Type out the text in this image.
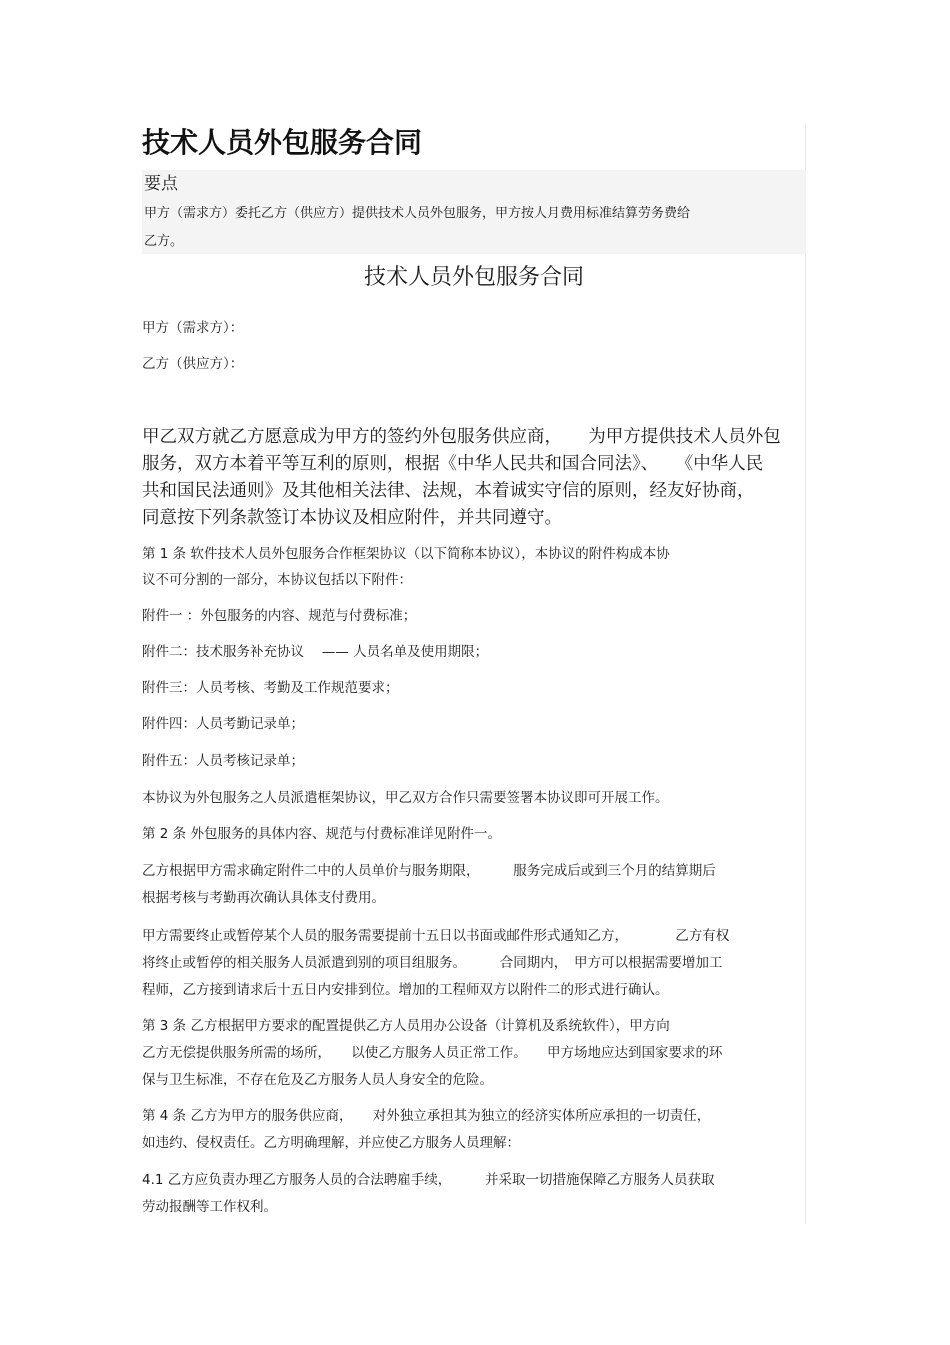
技术人员外包服务合同
要点
甲方（需求方）委托乙方（供应方）提供技术人员外包服务，甲方按人月费用标准结算劳务费给
乙方。
技术人员外包服务合同

甲方（需求方）：

乙方（供应方）：

甲乙双方就乙方愿意成为甲方的签约外包服务供应商，　　为甲方提供技术人员外包

服务，双方本着平等互利的原则，根据《中华人民共和国合同法》、　　《中华人民

共和国民法通则》及其他相关法律、法规，本着诚实守信的原则，经友好协商，

同意按下列条款签订本协议及相应附件，并共同遵守。

第 1 条 软件技术人员外包服务合作框架协议（以下简称本协议），本协议的附件构成本协

议不可分割的一部分，本协议包括以下附件：

附件一 ：外包服务的内容、规范与付费标准；

附件二：技术服务补充协议　 —— 人员名单及使用期限；

附件三：人员考核、考勤及工作规范要求；

附件四：人员考勤记录单；

附件五：人员考核记录单；

本协议为外包服务之人员派遣框架协议，甲乙双方合作只需要签署本协议即可开展工作。

第 2 条 外包服务的具体内容、规范与付费标准详见附件一。

乙方根据甲方需求确定附件二中的人员单价与服务期限，　　　服务完成后或到三个月的结算期后

根据考核与考勤再次确认具体支付费用。

甲方需要终止或暂停某个人员的服务需要提前十五日以书面或邮件形式通知乙方，　　　　乙方有权

将终止或暂停的相关服务人员派遣到别的项目组服务。　　　合同期内，　甲方可以根据需要增加工

程师，乙方接到请求后十五日内安排到位。增加的工程师双方以附件二的形式进行确认。

第 3 条 乙方根据甲方要求的配置提供乙方人员用办公设备（计算机及系统软件），甲方向

乙方无偿提供服务所需的场所，　　以使乙方服务人员正常工作。　　甲方场地应达到国家要求的环

保与卫生标准，不存在危及乙方服务人员人身安全的危险。

第 4 条 乙方为甲方的服务供应商，　　对外独立承担其为独立的经济实体所应承担的一切责任，

如违约、侵权责任。乙方明确理解，并应使乙方服务人员理解：

4.1 乙方应负责办理乙方服务人员的合法聘雇手续，　　　并采取一切措施保障乙方服务人员获取

劳动报酬等工作权利。
